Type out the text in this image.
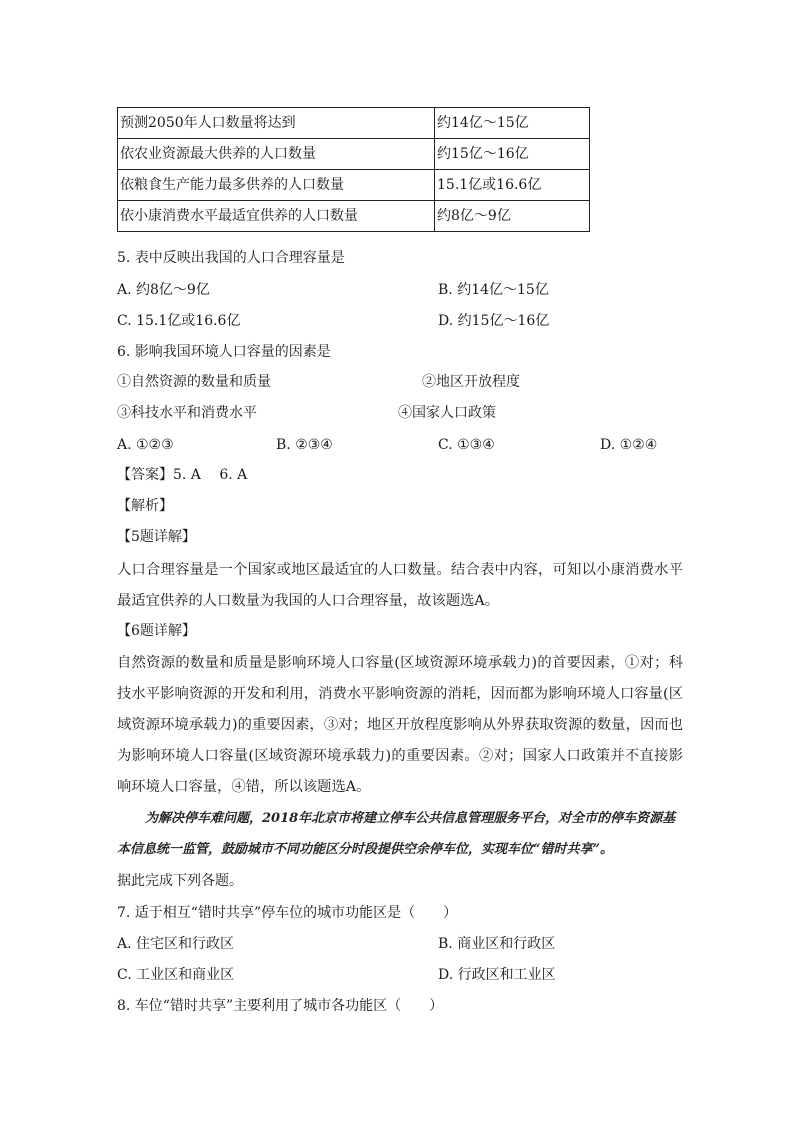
预测2050年人口数量将达到	约14亿～15亿
依农业资源最大供养的人口数量	约15亿～16亿
依粮食生产能力最多供养的人口数量	15.1亿或16.6亿
依小康消费水平最适宜供养的人口数量	约8亿～9亿
5. 表中反映出我国的人口合理容量是
A. 约8亿～9亿	B. 约14亿～15亿
C. 15.1亿或16.6亿	D. 约15亿～16亿
6. 影响我国环境人口容量的因素是
①自然资源的数量和质量	②地区开放程度
③科技水平和消费水平	④国家人口政策
A. ①②③	B. ②③④	C. ①③④	D. ①②④
【答案】5. A　 6. A
【解析】
【5题详解】
人口合理容量是一个国家或地区最适宜的人口数量。结合表中内容，可知以小康消费水平最适宜供养的人口数量为我国的人口合理容量，故该题选A。
【6题详解】
自然资源的数量和质量是影响环境人口容量(区域资源环境承载力)的首要因素，①对；科技水平影响资源的开发和利用，消费水平影响资源的消耗，因而都为影响环境人口容量(区域资源环境承载力)的重要因素，③对；地区开放程度影响从外界获取资源的数量，因而也为影响环境人口容量(区域资源环境承载力)的重要因素。②对；国家人口政策并不直接影响环境人口容量，④错，所以该题选A。
为解决停车难问题，2018年北京市将建立停车公共信息管理服务平台，对全市的停车资源基本信息统一监管，鼓励城市不同功能区分时段提供空余停车位，实现车位“错时共享”。
据此完成下列各题。
7. 适于相互“错时共享”停车位的城市功能区是（　　）
A. 住宅区和行政区	B. 商业区和行政区
C. 工业区和商业区	D. 行政区和工业区
8. 车位“错时共享”主要利用了城市各功能区（　　）
